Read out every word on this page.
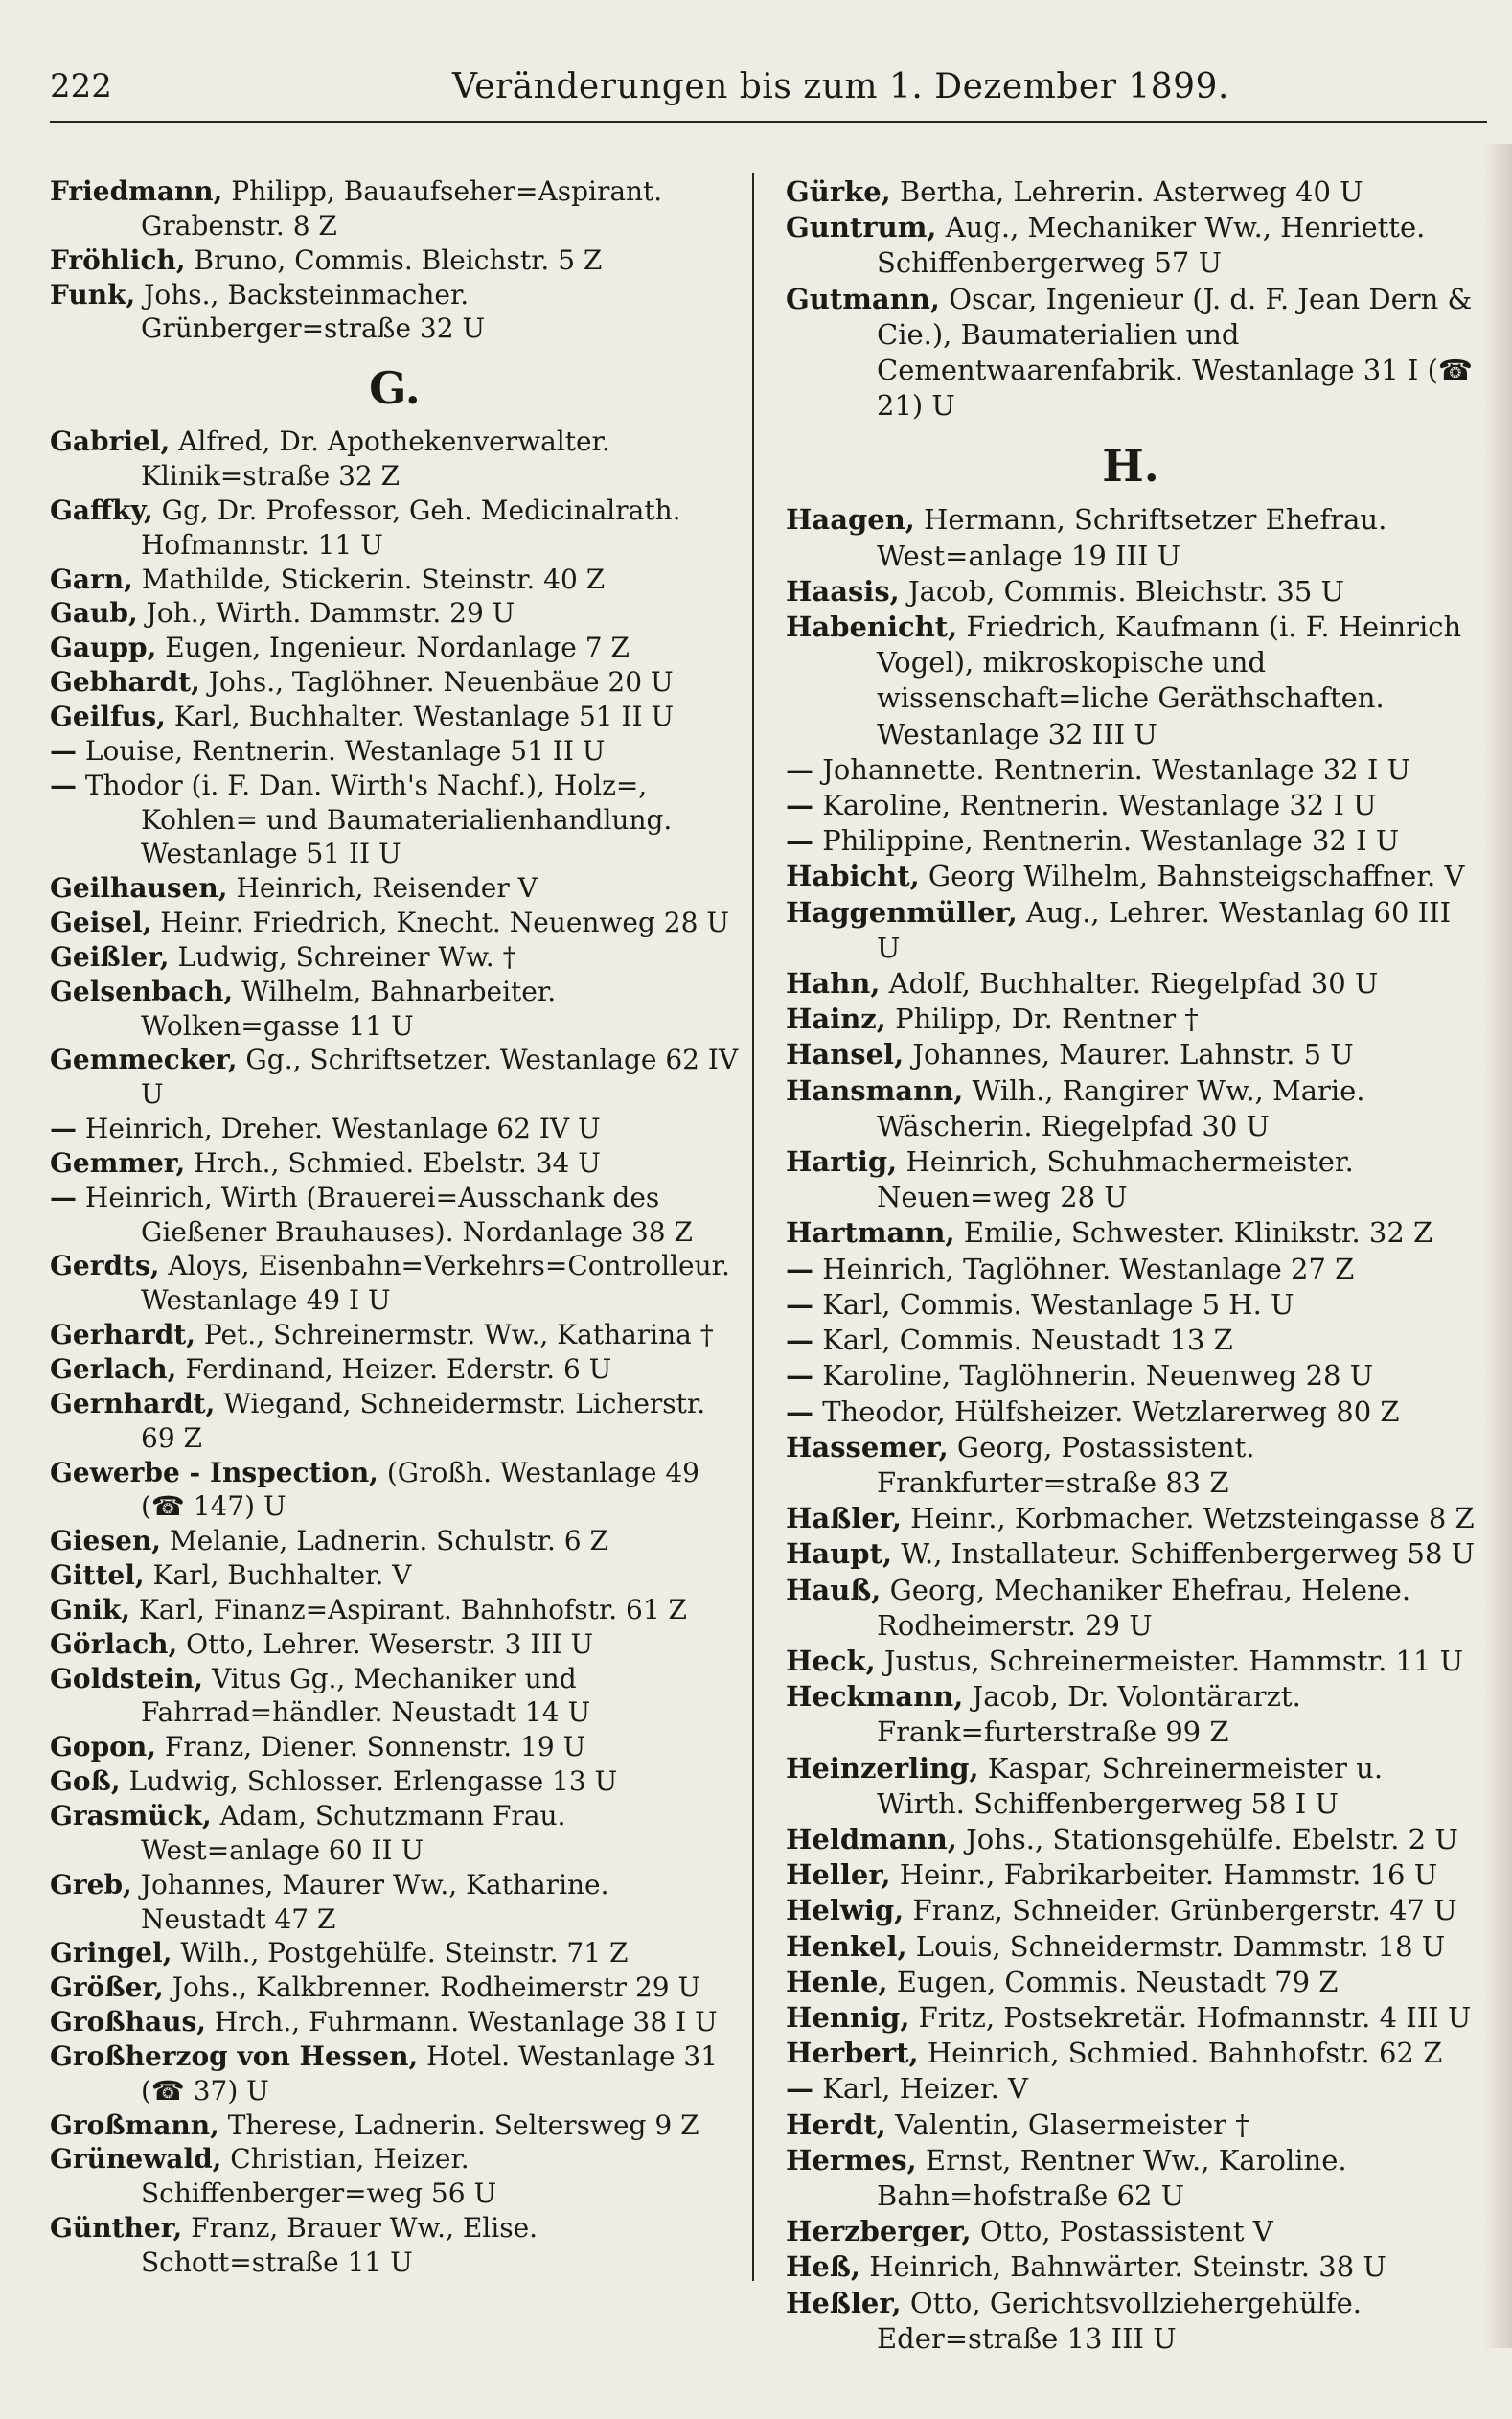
222	Veränderungen bis zum 1. Dezember 1899.

Friedmann, Philipp, Bauaufseher=Aspirant. Grabenstr. 8 Z

Fröhlich, Bruno, Commis. Bleichstr. 5 Z

Funk, Johs., Backsteinmacher. Grünberger=straße 32 U

G.

Gabriel, Alfred, Dr. Apothekenverwalter. Klinik=straße 32 Z

Gaffky, Gg, Dr. Professor, Geh. Medicinalrath. Hofmannstr. 11 U

Garn, Mathilde, Stickerin. Steinstr. 40 Z

Gaub, Joh., Wirth. Dammstr. 29 U

Gaupp, Eugen, Ingenieur. Nordanlage 7 Z

Gebhardt, Johs., Taglöhner. Neuenbäue 20 U

Geilfus, Karl, Buchhalter. Westanlage 51 II U

— Louise, Rentnerin. Westanlage 51 II U

— Thodor (i. F. Dan. Wirth's Nachf.), Holz=, Kohlen= und Baumaterialienhandlung. Westanlage 51 II U

Geilhausen, Heinrich, Reisender V

Geisel, Heinr. Friedrich, Knecht. Neuenweg 28 U

Geißler, Ludwig, Schreiner Ww. †

Gelsenbach, Wilhelm, Bahnarbeiter. Wolken=gasse 11 U

Gemmecker, Gg., Schriftsetzer. Westanlage 62 IV U

— Heinrich, Dreher. Westanlage 62 IV U

Gemmer, Hrch., Schmied. Ebelstr. 34 U

— Heinrich, Wirth (Brauerei=Ausschank des Gießener Brauhauses). Nordanlage 38 Z

Gerdts, Aloys, Eisenbahn=Verkehrs=Controlleur. Westanlage 49 I U

Gerhardt, Pet., Schreinermstr. Ww., Katharina †

Gerlach, Ferdinand, Heizer. Ederstr. 6 U

Gernhardt, Wiegand, Schneidermstr. Licherstr. 69 Z

Gewerbe - Inspection, (Großh. Westanlage 49 (☎ 147) U

Giesen, Melanie, Ladnerin. Schulstr. 6 Z

Gittel, Karl, Buchhalter. V

Gnik, Karl, Finanz=Aspirant. Bahnhofstr. 61 Z

Görlach, Otto, Lehrer. Weserstr. 3 III U

Goldstein, Vitus Gg., Mechaniker und Fahrrad=händler. Neustadt 14 U

Gopon, Franz, Diener. Sonnenstr. 19 U

Goß, Ludwig, Schlosser. Erlengasse 13 U

Grasmück, Adam, Schutzmann Frau. West=anlage 60 II U

Greb, Johannes, Maurer Ww., Katharine. Neustadt 47 Z

Gringel, Wilh., Postgehülfe. Steinstr. 71 Z

Größer, Johs., Kalkbrenner. Rodheimerstr 29 U

Großhaus, Hrch., Fuhrmann. Westanlage 38 I U

Großherzog von Hessen, Hotel. Westanlage 31 (☎ 37) U

Großmann, Therese, Ladnerin. Seltersweg 9 Z

Grünewald, Christian, Heizer. Schiffenberger=weg 56 U

Günther, Franz, Brauer Ww., Elise. Schott=straße 11 U

Gürke, Bertha, Lehrerin. Asterweg 40 U

Guntrum, Aug., Mechaniker Ww., Henriette. Schiffenbergerweg 57 U

Gutmann, Oscar, Ingenieur (J. d. F. Jean Dern & Cie.), Baumaterialien und Cementwaarenfabrik. Westanlage 31 I (☎ 21) U

H.

Haagen, Hermann, Schriftsetzer Ehefrau. West=anlage 19 III U

Haasis, Jacob, Commis. Bleichstr. 35 U

Habenicht, Friedrich, Kaufmann (i. F. Heinrich Vogel), mikroskopische und wissenschaft=liche Geräthschaften. Westanlage 32 III U

— Johannette. Rentnerin. Westanlage 32 I U

— Karoline, Rentnerin. Westanlage 32 I U

— Philippine, Rentnerin. Westanlage 32 I U

Habicht, Georg Wilhelm, Bahnsteigschaffner. V

Haggenmüller, Aug., Lehrer. Westanlag 60 III U

Hahn, Adolf, Buchhalter. Riegelpfad 30 U

Hainz, Philipp, Dr. Rentner †

Hansel, Johannes, Maurer. Lahnstr. 5 U

Hansmann, Wilh., Rangirer Ww., Marie. Wäscherin. Riegelpfad 30 U

Hartig, Heinrich, Schuhmachermeister. Neuen=weg 28 U

Hartmann, Emilie, Schwester. Klinikstr. 32 Z

— Heinrich, Taglöhner. Westanlage 27 Z

— Karl, Commis. Westanlage 5 H. U

— Karl, Commis. Neustadt 13 Z

— Karoline, Taglöhnerin. Neuenweg 28 U

— Theodor, Hülfsheizer. Wetzlarerweg 80 Z

Hassemer, Georg, Postassistent. Frankfurter=straße 83 Z

Haßler, Heinr., Korbmacher. Wetzsteingasse 8 Z

Haupt, W., Installateur. Schiffenbergerweg 58 U

Hauß, Georg, Mechaniker Ehefrau, Helene. Rodheimerstr. 29 U

Heck, Justus, Schreinermeister. Hammstr. 11 U

Heckmann, Jacob, Dr. Volontärarzt. Frank=furterstraße 99 Z

Heinzerling, Kaspar, Schreinermeister u. Wirth. Schiffenbergerweg 58 I U

Heldmann, Johs., Stationsgehülfe. Ebelstr. 2 U

Heller, Heinr., Fabrikarbeiter. Hammstr. 16 U

Helwig, Franz, Schneider. Grünbergerstr. 47 U

Henkel, Louis, Schneidermstr. Dammstr. 18 U

Henle, Eugen, Commis. Neustadt 79 Z

Hennig, Fritz, Postsekretär. Hofmannstr. 4 III U

Herbert, Heinrich, Schmied. Bahnhofstr. 62 Z

— Karl, Heizer. V

Herdt, Valentin, Glasermeister †

Hermes, Ernst, Rentner Ww., Karoline. Bahn=hofstraße 62 U

Herzberger, Otto, Postassistent V

Heß, Heinrich, Bahnwärter. Steinstr. 38 U

Heßler, Otto, Gerichtsvollziehergehülfe. Eder=straße 13 III U
